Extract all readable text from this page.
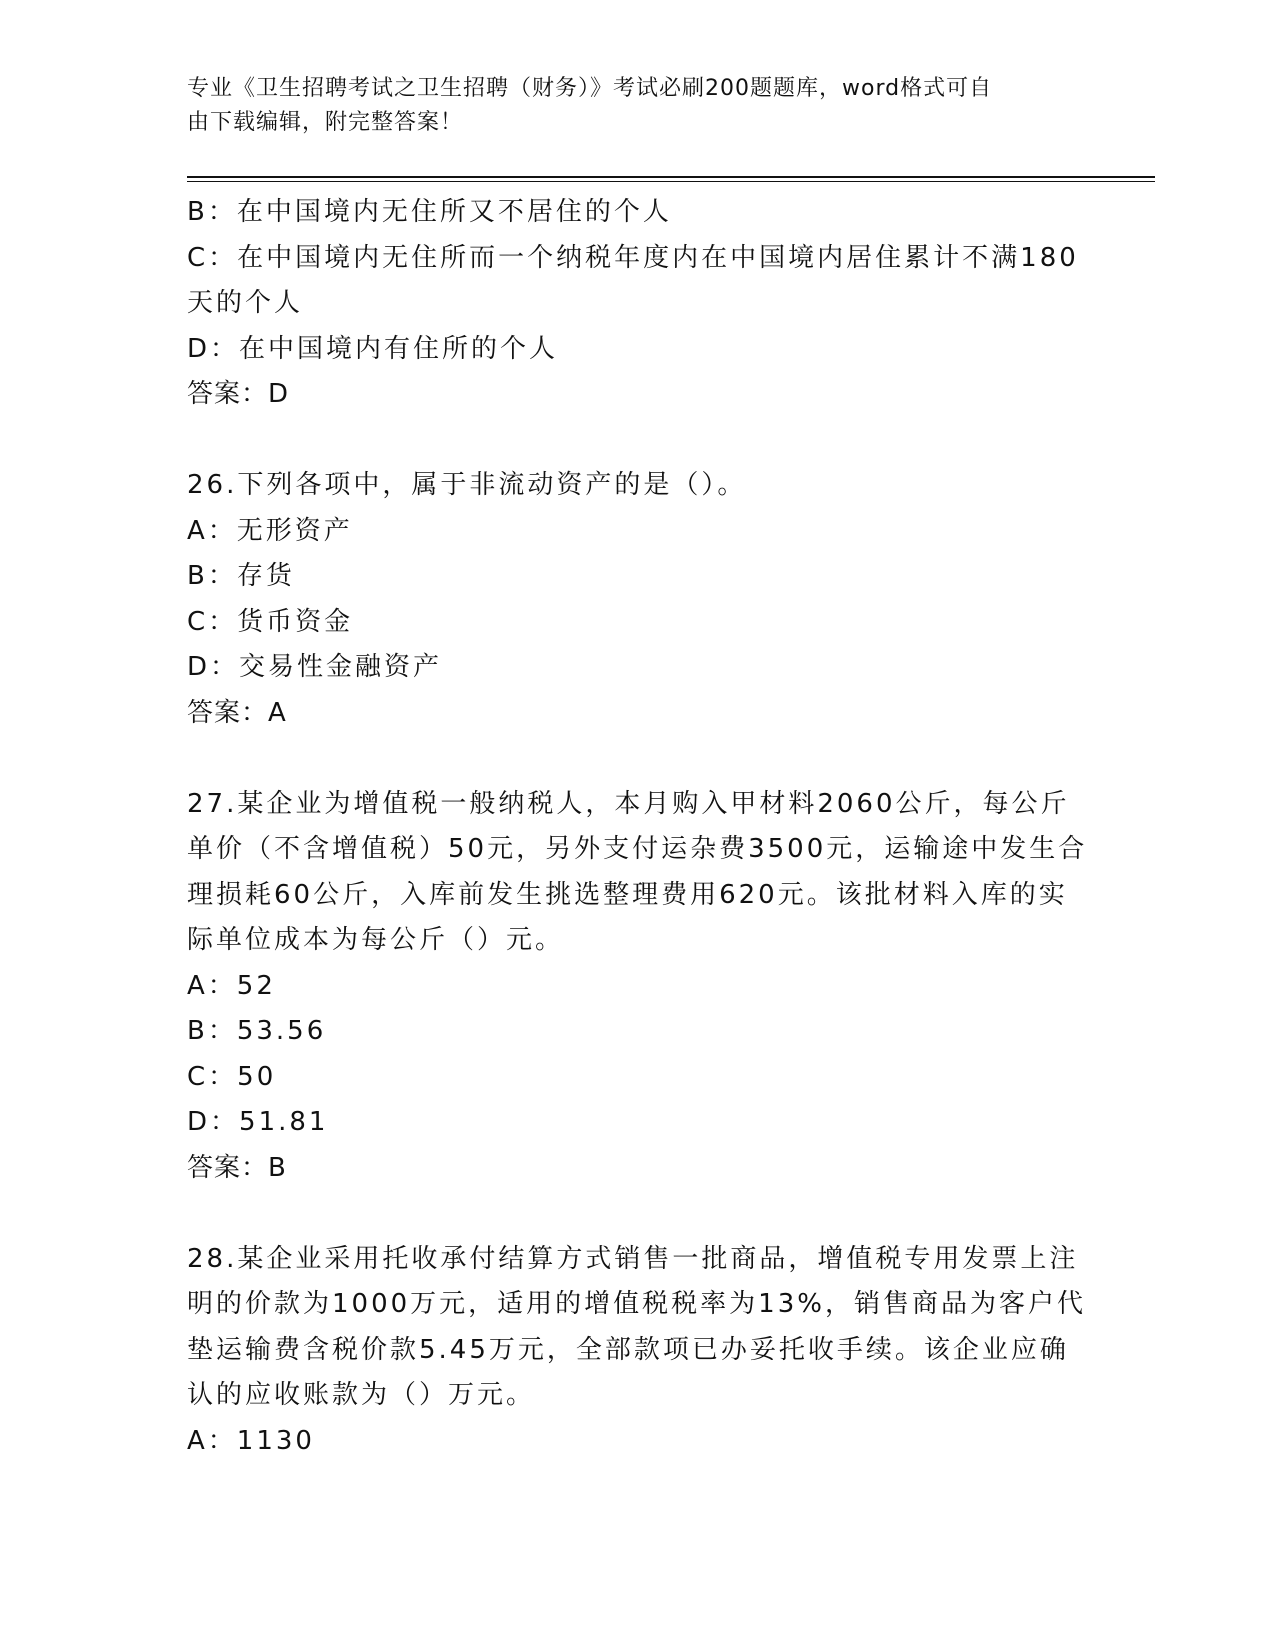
专业《卫生招聘考试之卫生招聘（财务）》考试必刷200题题库，word格式可自
由下载编辑，附完整答案！
B：在中国境内无住所又不居住的个人
C：在中国境内无住所而一个纳税年度内在中国境内居住累计不满180
天的个人
D：在中国境内有住所的个人
答案：D
26.下列各项中，属于非流动资产的是（）。
A：无形资产
B：存货
C：货币资金
D：交易性金融资产
答案：A
27.某企业为增值税一般纳税人，本月购入甲材料2060公斤，每公斤
单价（不含增值税）50元，另外支付运杂费3500元，运输途中发生合
理损耗60公斤，入库前发生挑选整理费用620元。该批材料入库的实
际单位成本为每公斤（）元。
A：52
B：53.56
C：50
D：51.81
答案：B
28.某企业采用托收承付结算方式销售一批商品，增值税专用发票上注
明的价款为1000万元，适用的增值税税率为13%，销售商品为客户代
垫运输费含税价款5.45万元，全部款项已办妥托收手续。该企业应确
认的应收账款为（）万元。
A：1130
